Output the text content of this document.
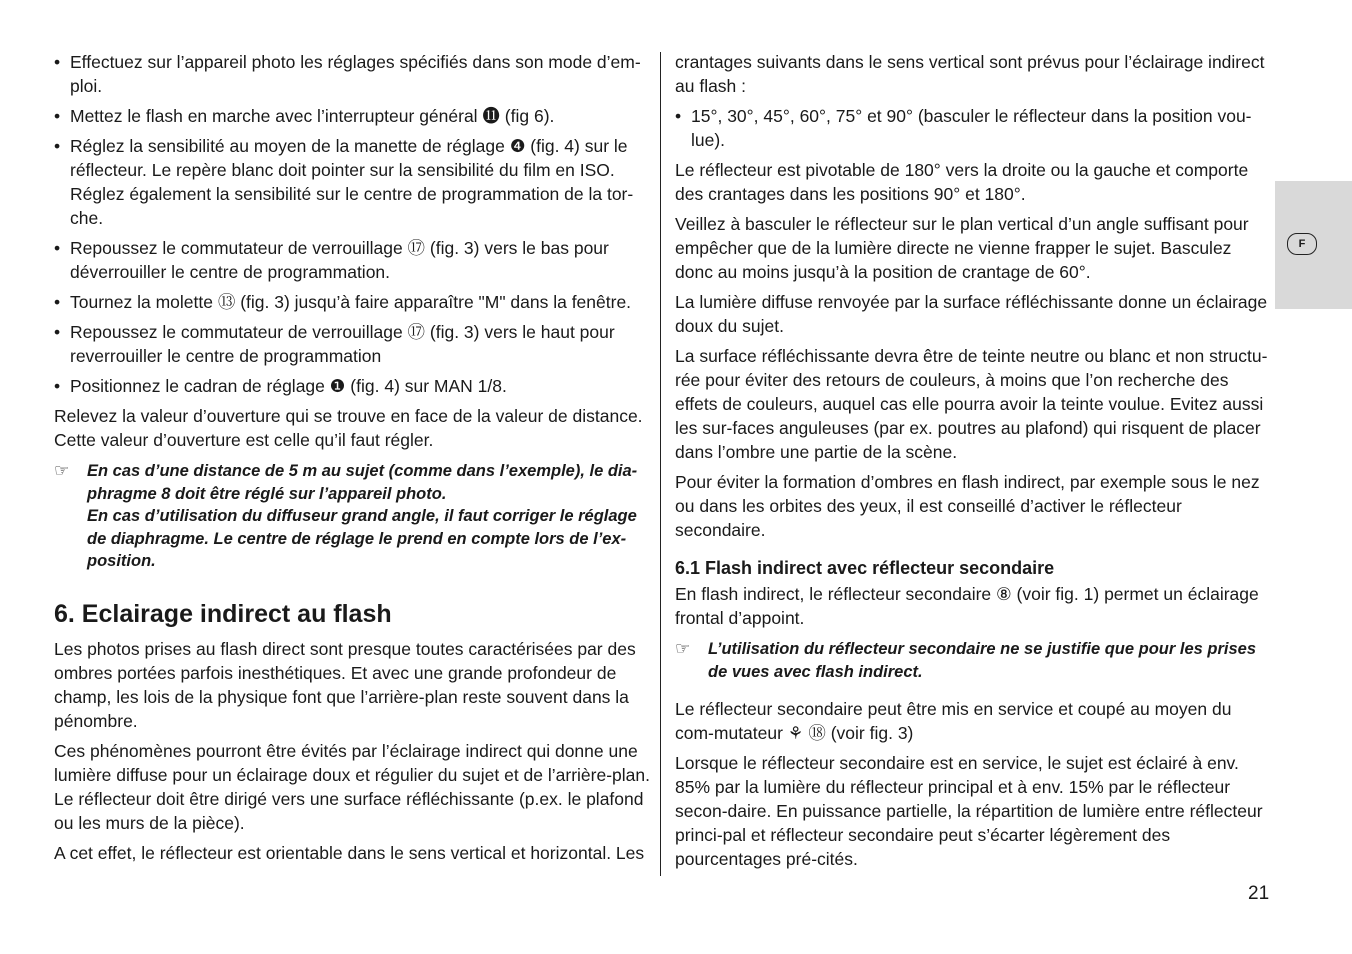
• Effectuez sur l’appareil photo les réglages spécifiés dans son mode d’em-ploi.
• Mettez le flash en marche avec l’interrupteur général ⓫ (fig 6).
• Réglez la sensibilité au moyen de la manette de réglage ❹ (fig. 4) sur le réflecteur. Le repère blanc doit pointer sur la sensibilité du film en ISO. Réglez également la sensibilité sur le centre de programmation de la tor-che.
• Repoussez le commutateur de verrouillage ⑰ (fig. 3) vers le bas pour déverrouiller le centre de programmation.
• Tournez la molette ⑬ (fig. 3) jusqu’à faire apparaître "M" dans la fenêtre.
• Repoussez le commutateur de verrouillage ⑰ (fig. 3) vers le haut pour reverrouiller le centre de programmation
• Positionnez le cadran de réglage ❶ (fig. 4) sur MAN 1/8.

Relevez la valeur d’ouverture qui se trouve en face de la valeur de distance. Cette valeur d’ouverture est celle qu’il faut régler.

☞ En cas d’une distance de 5 m au sujet (comme dans l’exemple), le dia-phragme 8 doit être réglé sur l’appareil photo.
En cas d’utilisation du diffuseur grand angle, il faut corriger le réglage de diaphragme. Le centre de réglage le prend en compte lors de l’ex-position.
6. Eclairage indirect au flash

Les photos prises au flash direct sont presque toutes caractérisées par des ombres portées parfois inesthétiques. Et avec une grande profondeur de champ, les lois de la physique font que l’arrière-plan reste souvent dans la pénombre.

Ces phénomènes pourront être évités par l’éclairage indirect qui donne une lumière diffuse pour un éclairage doux et régulier du sujet et de l’arrière-plan. Le réflecteur doit être dirigé vers une surface réfléchissante (p.ex. le plafond ou les murs de la pièce).

A cet effet, le réflecteur est orientable dans le sens vertical et horizontal. Les

crantages suivants dans le sens vertical sont prévus pour l’éclairage indirect au flash :

• 15°, 30°, 45°, 60°, 75° et 90° (basculer le réflecteur dans la position vou-lue).

Le réflecteur est pivotable de 180° vers la droite ou la gauche et comporte des crantages dans les positions 90° et 180°.

Veillez à basculer le réflecteur sur le plan vertical d’un angle suffisant pour empêcher que de la lumière directe ne vienne frapper le sujet. Basculez donc au moins jusqu’à la position de crantage de 60°.

La lumière diffuse renvoyée par la surface réfléchissante donne un éclairage doux du sujet.

La surface réfléchissante devra être de teinte neutre ou blanc et non structu-rée pour éviter des retours de couleurs, à moins que l’on recherche des effets de couleurs, auquel cas elle pourra avoir la teinte voulue. Evitez aussi les sur-faces anguleuses (par ex. poutres au plafond) qui risquent de placer dans l’ombre une partie de la scène.

Pour éviter la formation d’ombres en flash indirect, par exemple sous le nez ou dans les orbites des yeux, il est conseillé d’activer le réflecteur secondaire.

6.1 Flash indirect avec réflecteur secondaire

En flash indirect, le réflecteur secondaire ⑧ (voir fig. 1) permet un éclairage frontal d’appoint.

☞ L’utilisation du réflecteur secondaire ne se justifie que pour les prises de vues avec flash indirect.

Le réflecteur secondaire peut être mis en service et coupé au moyen du com-mutateur ⚘ ⑱ (voir fig. 3)

Lorsque le réflecteur secondaire est en service, le sujet est éclairé à env. 85% par la lumière du réflecteur principal et à env. 15% par le réflecteur secon-daire. En puissance partielle, la répartition de lumière entre réflecteur princi-pal et réflecteur secondaire peut s’écarter légèrement des pourcentages pré-cités.

F
21
